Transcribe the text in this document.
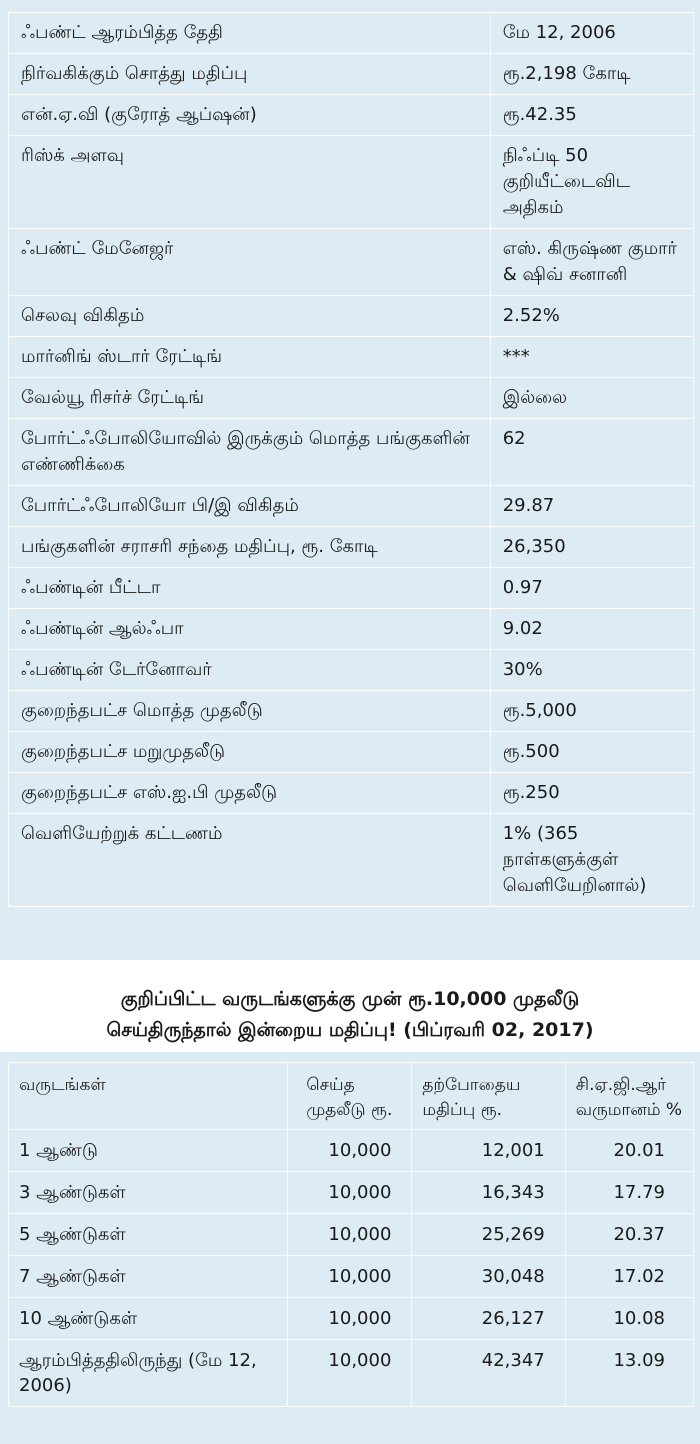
ஃபண்ட் ஆரம்பித்த தேதி	மே 12, 2006
நிர்வகிக்கும் சொத்து மதிப்பு	ரூ.2,198 கோடி
என்.ஏ.வி (குரோத் ஆப்ஷன்)	ரூ.42.35
ரிஸ்க் அளவு	நிஃப்டி 50 குறியீட்டைவிட அதிகம்
ஃபண்ட் மேனேஜர்	எஸ். கிருஷ்ண குமார் & ஷிவ் சனானி
செலவு விகிதம்	2.52%
மார்னிங் ஸ்டார் ரேட்டிங்	***
வேல்யூ ரிசர்ச் ரேட்டிங்	இல்லை
போர்ட்ஃபோலியோவில் இருக்கும் மொத்த பங்குகளின் எண்ணிக்கை	62
போர்ட்ஃபோலியோ பி/இ விகிதம்	29.87
பங்குகளின் சராசரி சந்தை மதிப்பு, ரூ. கோடி	26,350
ஃபண்டின் பீட்டா	0.97
ஃபண்டின் ஆல்ஃபா	9.02
ஃபண்டின் டேர்னோவர்	30%
குறைந்தபட்ச மொத்த முதலீடு	ரூ.5,000
குறைந்தபட்ச மறுமுதலீடு	ரூ.500
குறைந்தபட்ச எஸ்.ஐ.பி முதலீடு	ரூ.250
வெளியேற்றுக் கட்டணம்	1% (365 நாள்களுக்குள் வெளியேறினால்)
குறிப்பிட்ட வருடங்களுக்கு முன் ரூ.10,000 முதலீடு
செய்திருந்தால் இன்றைய மதிப்பு! (பிப்ரவரி 02, 2017)
வருடங்கள்	செய்த முதலீடு ரூ.	தற்போதைய மதிப்பு ரூ.	சி.ஏ.ஜி.ஆர் வருமானம் %
1 ஆண்டு	10,000	12,001	20.01
3 ஆண்டுகள்	10,000	16,343	17.79
5 ஆண்டுகள்	10,000	25,269	20.37
7 ஆண்டுகள்	10,000	30,048	17.02
10 ஆண்டுகள்	10,000	26,127	10.08
ஆரம்பித்ததிலிருந்து (மே 12, 2006)	10,000	42,347	13.09
